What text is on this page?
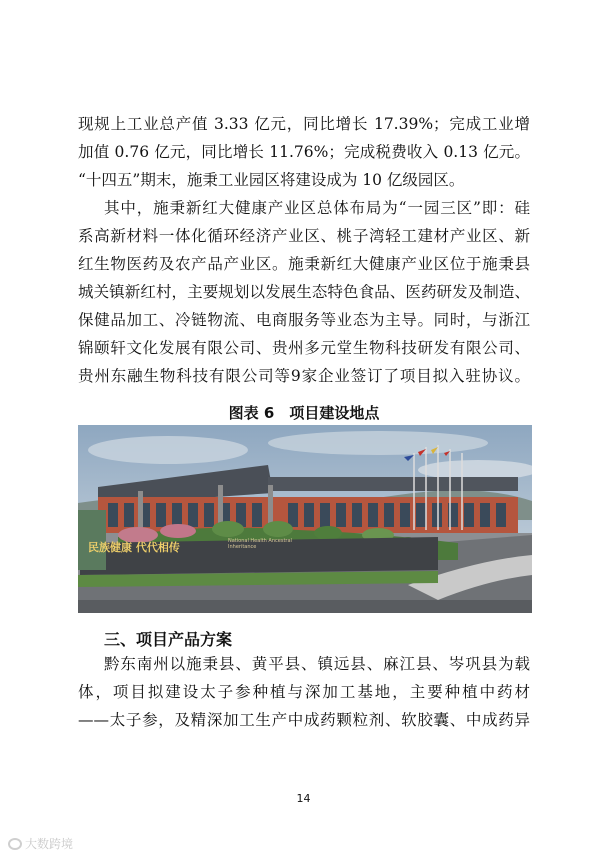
现规上工业总产值 3.33 亿元，同比增长 17.39%；完成工业增
加值 0.76 亿元，同比增长 11.76%；完成税费收入 0.13 亿元。
“十四五”期末，施秉工业园区将建设成为 10 亿级园区。
其中，施秉新红大健康产业区总体布局为“一园三区”即：硅
系高新材料一体化循环经济产业区、桃子湾轻工建材产业区、新
红生物医药及农产品产业区。施秉新红大健康产业区位于施秉县
城关镇新红村，主要规划以发展生态特色食品、医药研发及制造、
保健品加工、冷链物流、电商服务等业态为主导。同时，与浙江
锦颐轩文化发展有限公司、贵州多元堂生物科技研发有限公司、
贵州东融生物科技有限公司等9家企业签订了项目拟入驻协议。
图表 6　项目建设地点
民族健康 代代相传	National Health Ancestral Inheritance
三、项目产品方案
黔东南州以施秉县、黄平县、镇远县、麻江县、岑巩县为载
体，项目拟建设太子参种植与深加工基地，主要种植中药材
——太子参，及精深加工生产中成药颗粒剂、软胶囊、中成药异
14
大数跨境
